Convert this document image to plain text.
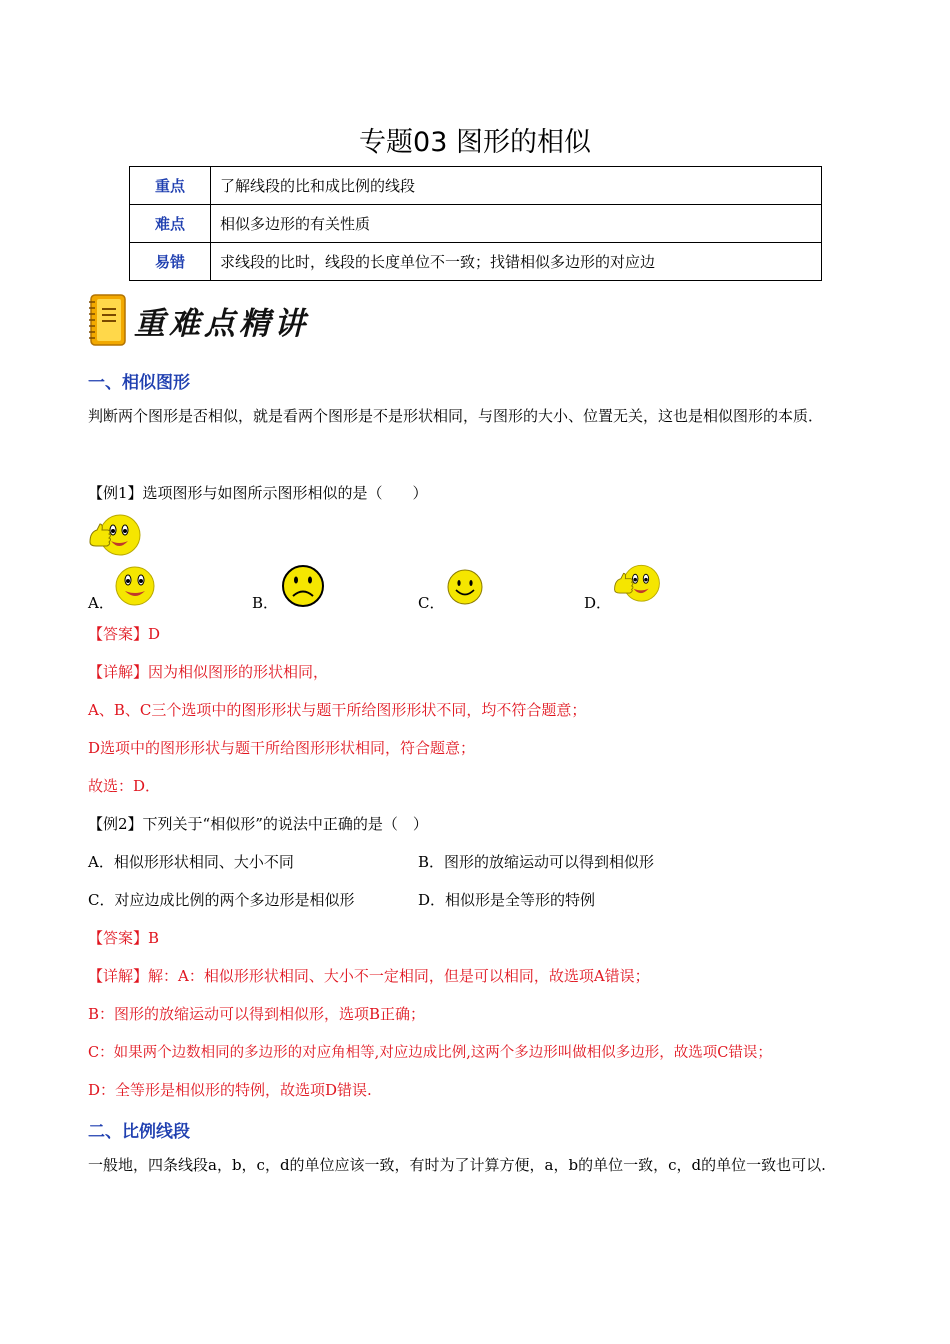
专题03 图形的相似
重点	了解线段的比和成比例的线段
难点	相似多边形的有关性质
易错	求线段的比时，线段的长度单位不一致；找错相似多边形的对应边
重难点精讲
一、相似图形
判断两个图形是否相似，就是看两个图形是不是形状相同，与图形的大小、位置无关，这也是相似图形的本质．
【例1】选项图形与如图所示图形相似的是（　　）
A．	B．	C．	D．
【答案】D
【详解】因为相似图形的形状相同，
A、B、C三个选项中的图形形状与题干所给图形形状不同，均不符合题意；
D选项中的图形形状与题干所给图形形状相同，符合题意；
故选：D．
【例2】下列关于“相似形”的说法中正确的是（　）
A．相似形形状相同、大小不同	B．图形的放缩运动可以得到相似形
C．对应边成比例的两个多边形是相似形	D．相似形是全等形的特例
【答案】B
【详解】解：A：相似形形状相同、大小不一定相同，但是可以相同，故选项A错误；
B：图形的放缩运动可以得到相似形，选项B正确；
C：如果两个边数相同的多边形的对应角相等,对应边成比例,这两个多边形叫做相似多边形，故选项C错误；
D：全等形是相似形的特例，故选项D错误.
二、比例线段
一般地，四条线段a，b，c，d的单位应该一致，有时为了计算方便，a，b的单位一致，c，d的单位一致也可以.
